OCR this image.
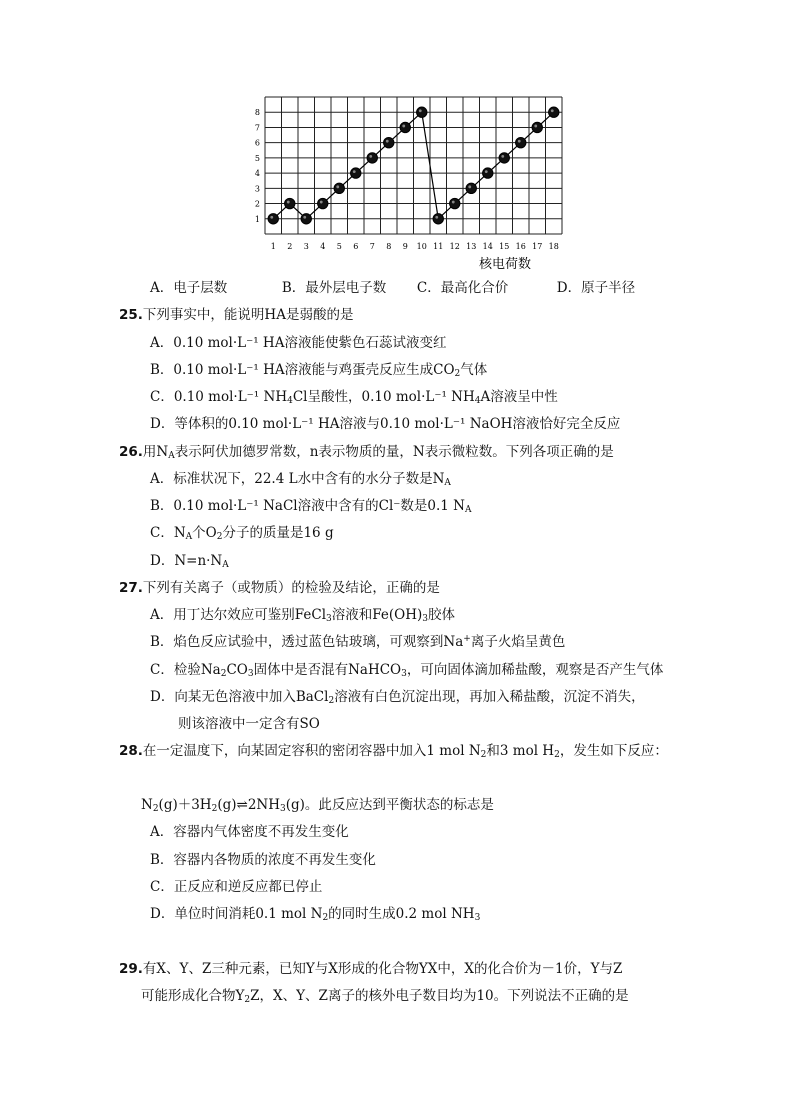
1
2
3
4
5
6
7
8
1 2 3 4 5 6 7 8 9 10 11 12 13 14 15 16 17 18
核电荷数
A．电子层数	B．最外层电子数 C．最高化合价	D．原子半径
25.下列事实中，能说明HA是弱酸的是
A．0.10 mol·L⁻¹ HA溶液能使紫色石蕊试液变红
B．0.10 mol·L⁻¹ HA溶液能与鸡蛋壳反应生成$CO_2$气体
C．0.10 mol·L⁻¹ $NH_4Cl$呈酸性，0.10 mol·L⁻¹ $NH_4A$溶液呈中性
D．等体积的0.10 mol·L⁻¹ HA溶液与0.10 mol·L⁻¹ NaOH溶液恰好完全反应
26.用$N_A$表示阿伏加德罗常数，n表示物质的量，N表示微粒数。下列各项正确的是
A．标准状况下，22.4 L水中含有的水分子数是$N_A$
B．0.10 mol·L⁻¹ NaCl溶液中含有的Cl⁻数是0.1 $N_A$
C．$N_A$个$O_2$分子的质量是16 g
D．$N=n\cdot N_A$
27.下列有关离子（或物质）的检验及结论，正确的是
A．用丁达尔效应可鉴别FeCl$_3$溶液和$Fe(OH)_3$胶体
B．焰色反应试验中，透过蓝色钴玻璃，可观察到Na+离子火焰呈黄色
C．检验$Na_2CO_3$固体中是否混有NaHCO$_3$，可向固体滴加稀盐酸，观察是否产生气体
D．向某无色溶液中加入BaCl$_2$溶液有白色沉淀出现，再加入稀盐酸，沉淀不消失，
则该溶液中一定含有SO
28.在一定温度下，向某固定容积的密闭容器中加入1 mol $N_2$和3 mol $H_2$，发生如下反应：
$N_2(g)+3H_2(g)\rightleftharpoons 2NH_3(g)$。此反应达到平衡状态的标志是
A．容器内气体密度不再发生变化
B．容器内各物质的浓度不再发生变化
C．正反应和逆反应都已停止
D．单位时间消耗0.1 mol $N_2$的同时生成0.2 mol $NH_3$
29.有X、Y、Z三种元素，已知Y与X形成的化合物YX中，X的化合价为－1价，Y与Z
可能形成化合物$Y_2Z$，X、Y、Z离子的核外电子数目均为10。下列说法不正确的是
